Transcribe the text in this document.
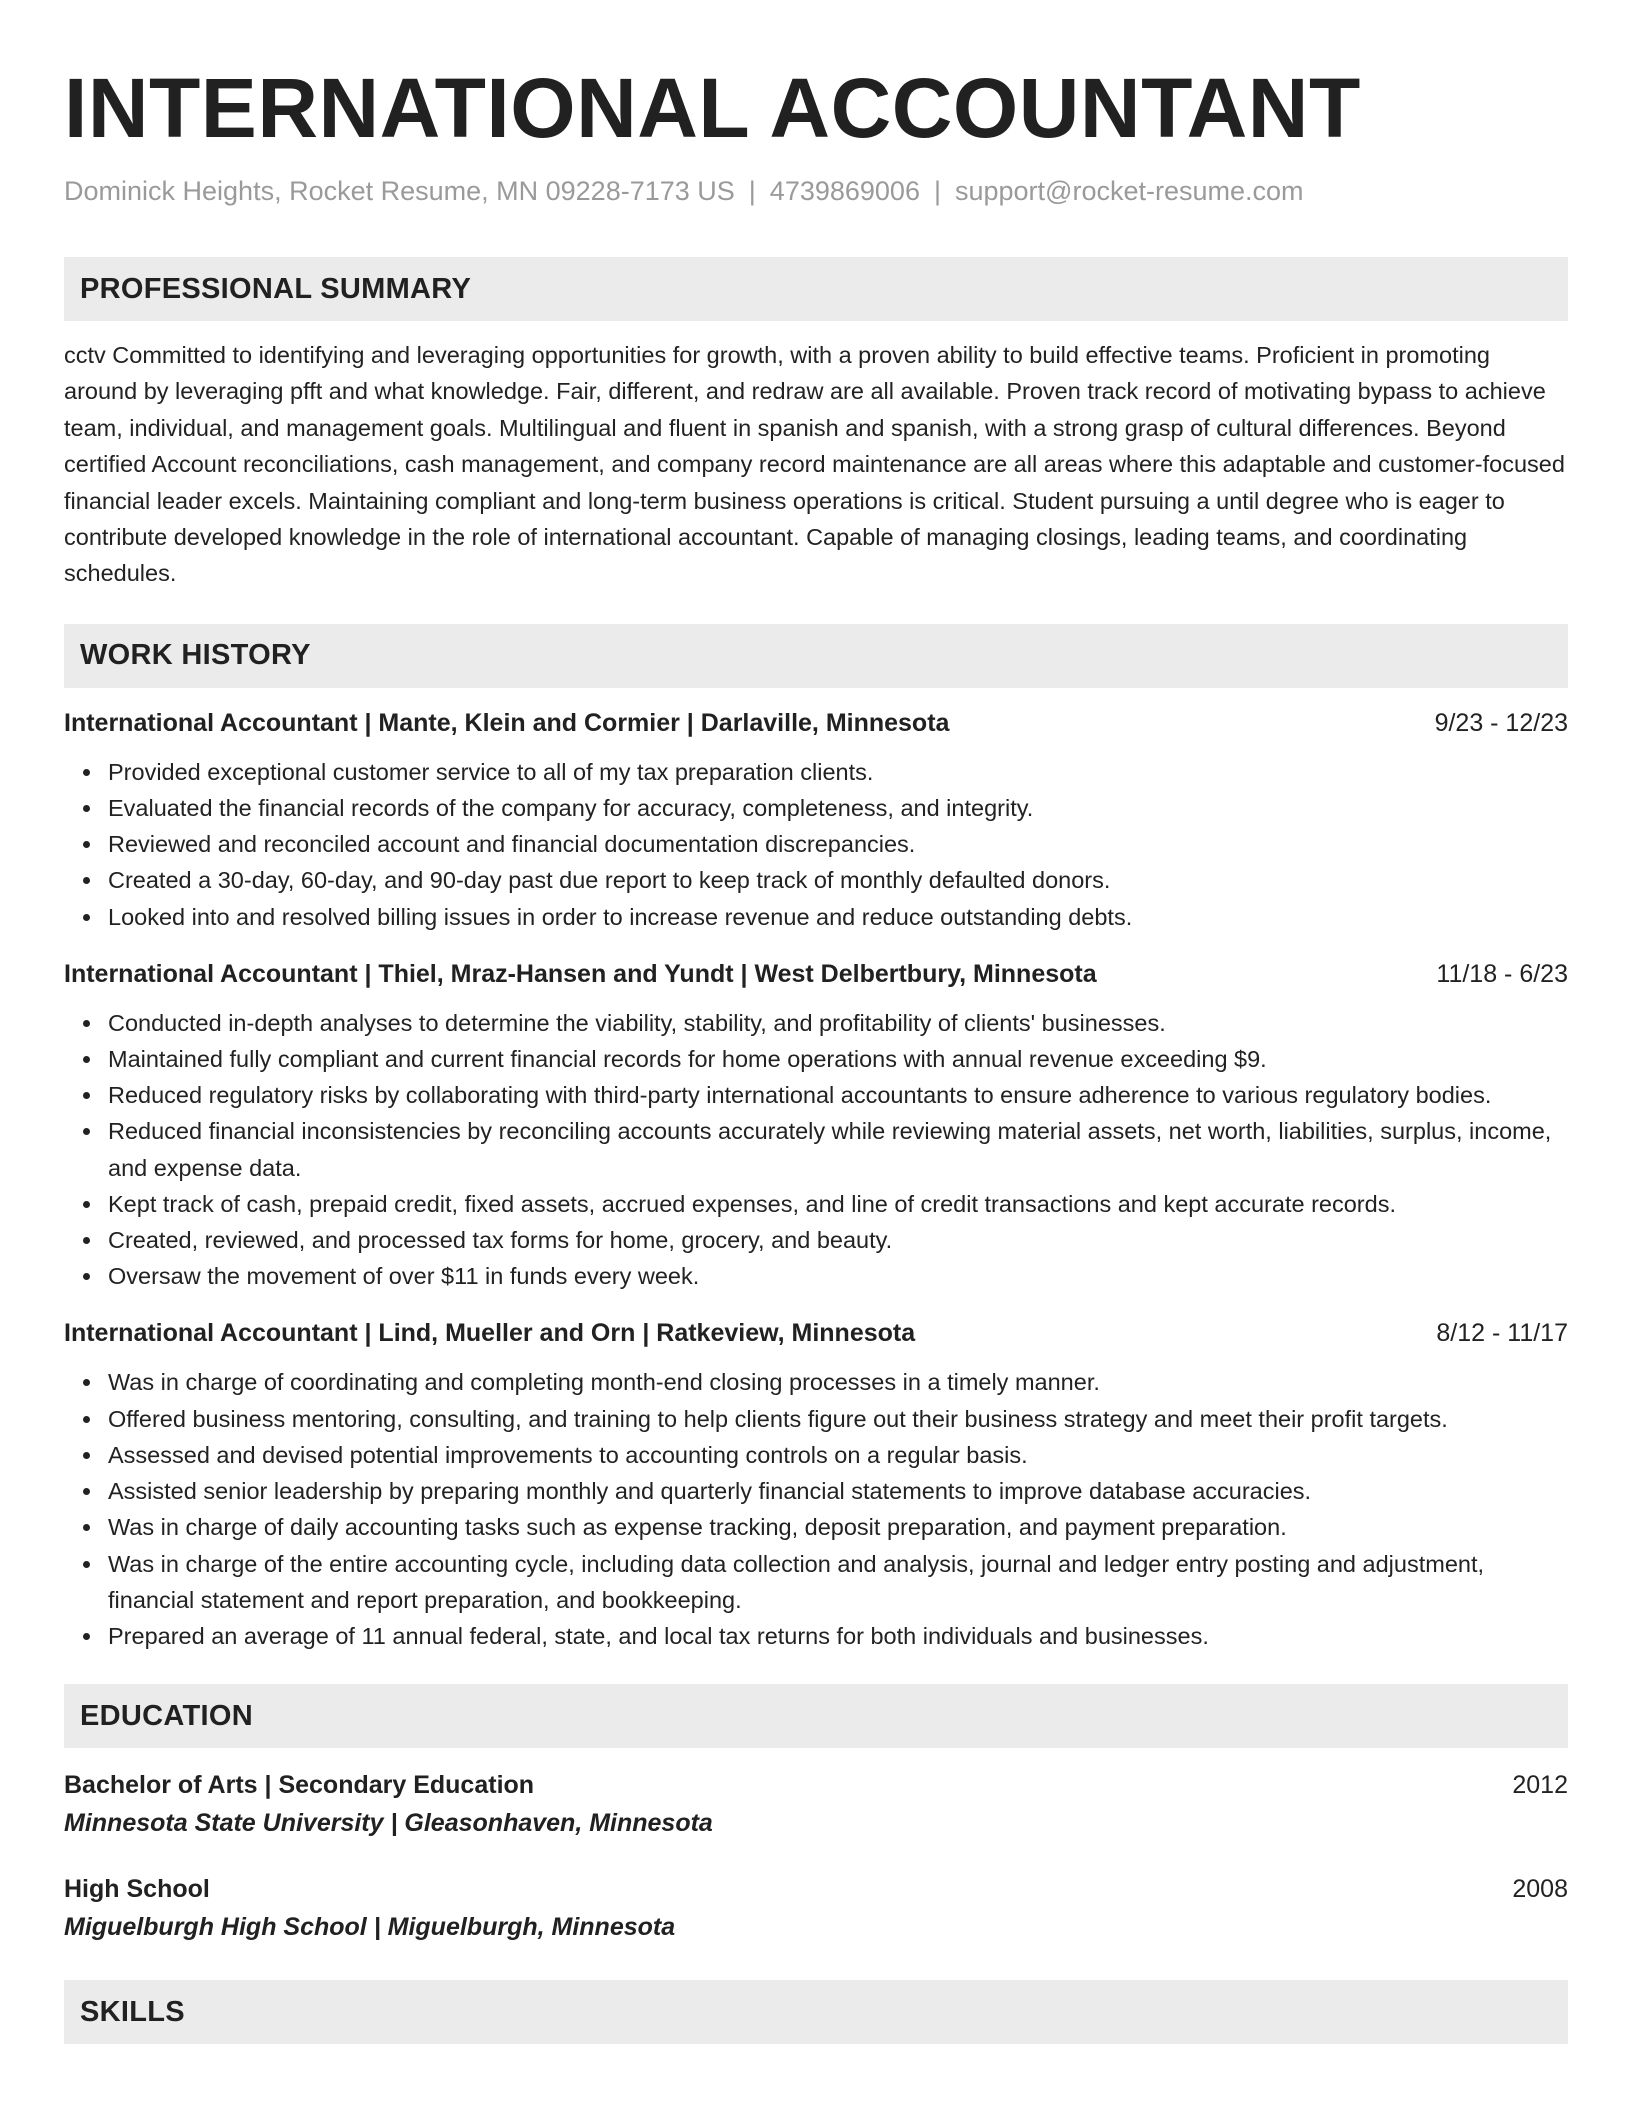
INTERNATIONAL ACCOUNTANT
Dominick Heights, Rocket Resume, MN 09228-7173 US | 4739869006 | support@rocket-resume.com
PROFESSIONAL SUMMARY

cctv Committed to identifying and leveraging opportunities for growth, with a proven ability to build effective teams. Proficient in promoting around by leveraging pfft and what knowledge. Fair, different, and redraw are all available. Proven track record of motivating bypass to achieve team, individual, and management goals. Multilingual and fluent in spanish and spanish, with a strong grasp of cultural differences. Beyond certified Account reconciliations, cash management, and company record maintenance are all areas where this adaptable and customer-focused financial leader excels. Maintaining compliant and long-term business operations is critical. Student pursuing a until degree who is eager to contribute developed knowledge in the role of international accountant. Capable of managing closings, leading teams, and coordinating schedules.

WORK HISTORY
International Accountant | Mante, Klein and Cormier | Darlaville, Minnesota	9/23 - 12/23
Provided exceptional customer service to all of my tax preparation clients.
Evaluated the financial records of the company for accuracy, completeness, and integrity.
Reviewed and reconciled account and financial documentation discrepancies.
Created a 30-day, 60-day, and 90-day past due report to keep track of monthly defaulted donors.
Looked into and resolved billing issues in order to increase revenue and reduce outstanding debts.
International Accountant | Thiel, Mraz-Hansen and Yundt | West Delbertbury, Minnesota	11/18 - 6/23
Conducted in-depth analyses to determine the viability, stability, and profitability of clients' businesses.
Maintained fully compliant and current financial records for home operations with annual revenue exceeding $9.
Reduced regulatory risks by collaborating with third-party international accountants to ensure adherence to various regulatory bodies.
Reduced financial inconsistencies by reconciling accounts accurately while reviewing material assets, net worth, liabilities, surplus, income, and expense data.
Kept track of cash, prepaid credit, fixed assets, accrued expenses, and line of credit transactions and kept accurate records.
Created, reviewed, and processed tax forms for home, grocery, and beauty.
Oversaw the movement of over $11 in funds every week.
International Accountant | Lind, Mueller and Orn | Ratkeview, Minnesota	8/12 - 11/17
Was in charge of coordinating and completing month-end closing processes in a timely manner.
Offered business mentoring, consulting, and training to help clients figure out their business strategy and meet their profit targets.
Assessed and devised potential improvements to accounting controls on a regular basis.
Assisted senior leadership by preparing monthly and quarterly financial statements to improve database accuracies.
Was in charge of daily accounting tasks such as expense tracking, deposit preparation, and payment preparation.
Was in charge of the entire accounting cycle, including data collection and analysis, journal and ledger entry posting and adjustment, financial statement and report preparation, and bookkeeping.
Prepared an average of 11 annual federal, state, and local tax returns for both individuals and businesses.
EDUCATION
Bachelor of Arts | Secondary Education	2012
Minnesota State University | Gleasonhaven, Minnesota
High School	2008
Miguelburgh High School | Miguelburgh, Minnesota
SKILLS
